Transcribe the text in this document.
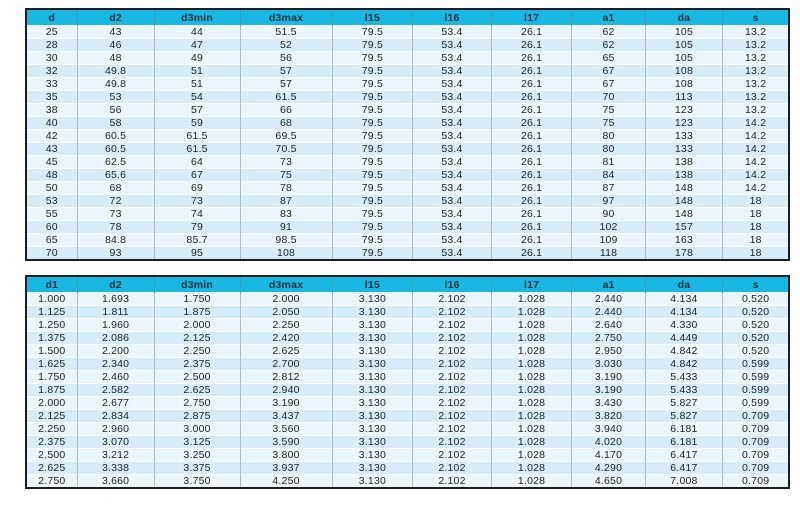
d	d2	d3min	d3max	l15	l16	l17	a1	da	s
25	43	44	51.5	79.5	53.4	26.1	62	105	13.2
28	46	47	52	79.5	53.4	26.1	62	105	13.2
30	48	49	56	79.5	53.4	26.1	65	105	13.2
32	49.8	51	57	79.5	53.4	26.1	67	108	13.2
33	49.8	51	57	79.5	53.4	26.1	67	108	13.2
35	53	54	61.5	79.5	53.4	26.1	70	113	13.2
38	56	57	66	79.5	53.4	26.1	75	123	13.2
40	58	59	68	79.5	53.4	26.1	75	123	14.2
42	60.5	61.5	69.5	79.5	53.4	26.1	80	133	14.2
43	60.5	61.5	70.5	79.5	53.4	26.1	80	133	14.2
45	62.5	64	73	79.5	53.4	26.1	81	138	14.2
48	65.6	67	75	79.5	53.4	26.1	84	138	14.2
50	68	69	78	79.5	53.4	26.1	87	148	14.2
53	72	73	87	79.5	53.4	26.1	97	148	18
55	73	74	83	79.5	53.4	26.1	90	148	18
60	78	79	91	79.5	53.4	26.1	102	157	18
65	84.8	85.7	98.5	79.5	53.4	26.1	109	163	18
70	93	95	108	79.5	53.4	26.1	118	178	18
d1	d2	d3min	d3max	l15	l16	l17	a1	da	s
1.000	1.693	1.750	2.000	3.130	2.102	1.028	2.440	4.134	0.520
1.125	1.811	1.875	2.050	3.130	2.102	1.028	2.440	4.134	0.520
1.250	1.960	2.000	2.250	3.130	2.102	1.028	2.640	4.330	0.520
1.375	2.086	2.125	2.420	3.130	2.102	1.028	2.750	4.449	0.520
1.500	2.200	2.250	2.625	3.130	2.102	1.028	2.950	4.842	0.520
1.625	2.340	2.375	2.700	3.130	2.102	1.028	3.030	4.842	0.599
1.750	2.460	2.500	2.812	3.130	2.102	1.028	3.190	5.433	0.599
1.875	2.582	2.625	2.940	3.130	2.102	1.028	3.190	5.433	0.599
2.000	2.677	2.750	3.190	3.130	2.102	1.028	3.430	5.827	0.599
2.125	2.834	2.875	3.437	3.130	2.102	1.028	3.820	5.827	0.709
2.250	2.960	3.000	3.560	3.130	2.102	1.028	3.940	6.181	0.709
2.375	3.070	3.125	3.590	3.130	2.102	1.028	4.020	6.181	0.709
2.500	3.212	3.250	3.800	3.130	2.102	1.028	4.170	6.417	0.709
2.625	3.338	3.375	3.937	3.130	2.102	1.028	4.290	6.417	0.709
2.750	3.660	3.750	4.250	3.130	2.102	1.028	4.650	7.008	0.709
